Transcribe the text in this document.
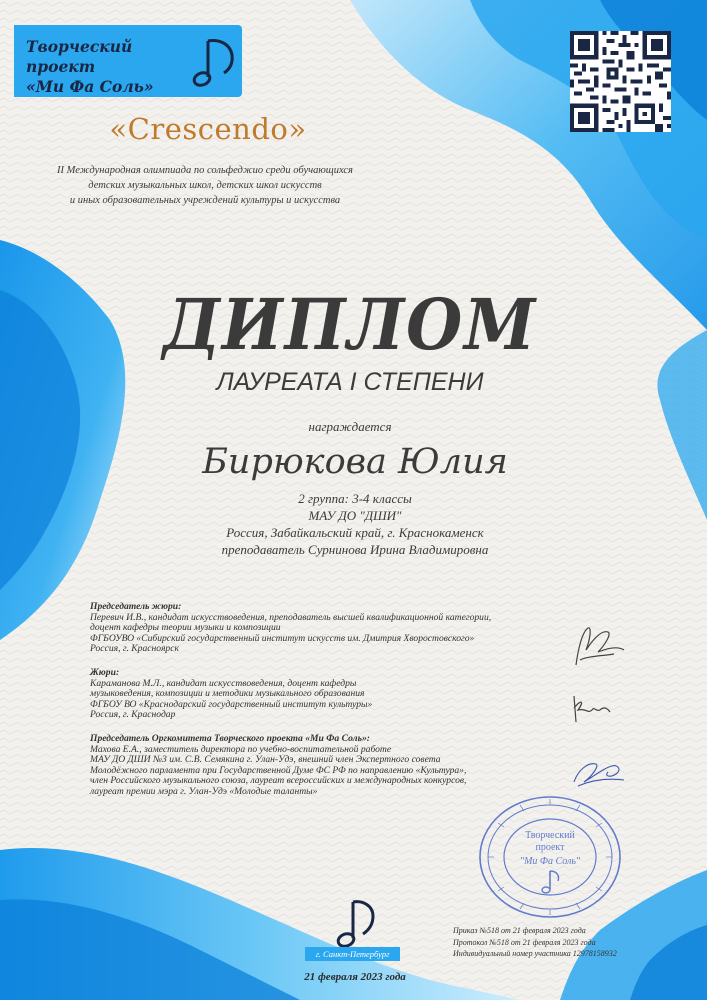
Творческий проект
«Ми Фа Соль»
«Crescendo»
II Международная олимпиада по сольфеджио среди обучающихся
детских музыкальных школ, детских школ искусств
и иных образовательных учреждений культуры и искусства
ДИПЛОМ
ЛАУРЕАТА I СТЕПЕНИ
награждается
Бирюкова Юлия
2 группа: 3-4 классы
МАУ ДО "ДШИ"
Россия, Забайкальский край, г. Краснокаменск
преподаватель Сурнинова Ирина Владимировна
Председатель жюри:
Перевич И.В., кандидат искусствоведения, преподаватель высшей квалификационной категории,
доцент кафедры теории музыки и композиции
ФГБОУВО «Сибирский государственный институт искусств им. Дмитрия Хворостовского»
Россия, г. Красноярск
Жюри:
Караманова М.Л., кандидат искусствоведения, доцент кафедры
музыковедения, композиции и методики музыкального образования
ФГБОУ ВО «Краснодарский государственный институт культуры»
Россия, г. Краснодар
Председатель Оргкомитета Творческого проекта «Ми Фа Соль»:
Махова Е.А., заместитель директора по учебно-воспитательной работе
МАУ ДО ДШИ №3 им. С.В. Семякина г. Улан-Удэ, внешний член Экспертного совета
Молодёжного парламента при Государственной Думе ФС РФ по направлению «Культура»,
член Российского музыкального союза, лауреат всероссийских и международных конкурсов,
лауреат премии мэра г. Улан-Удэ «Молодые таланты»
Творческий
проект
"Ми Фа Соль"
Приказ №518 от 21 февраля 2023 года
Протокол №518 от 21 февраля 2023 года
Индивидуальный номер участника 12978158932
г. Санкт-Петербург
21 февраля 2023 года
